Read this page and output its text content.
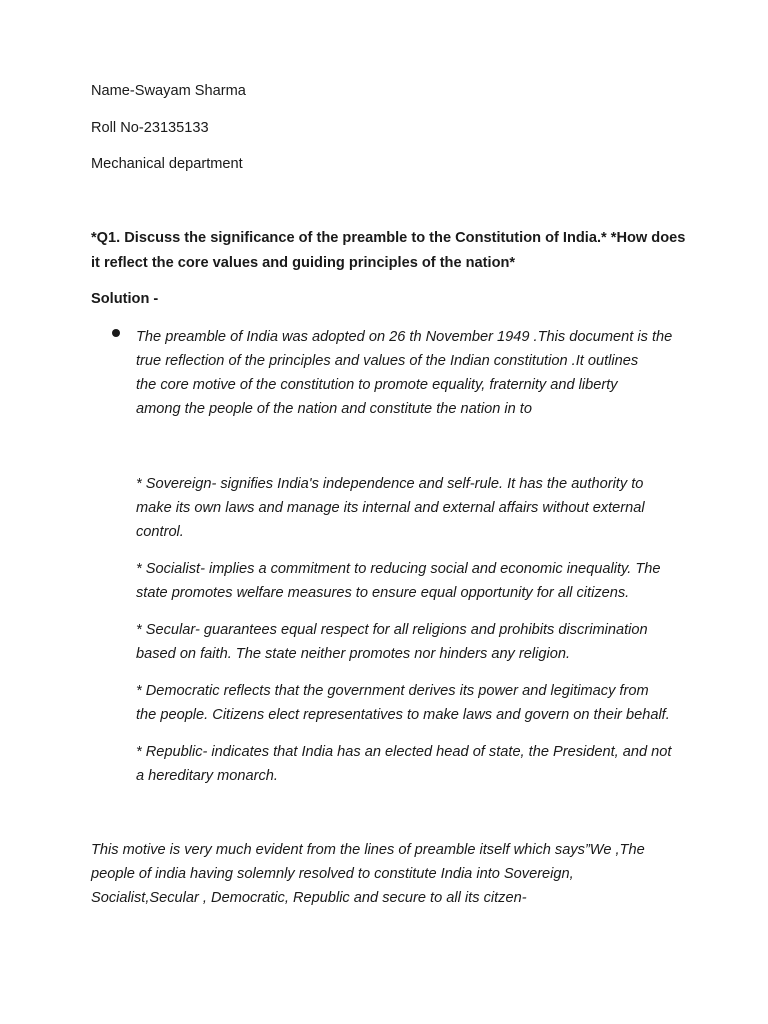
Name-Swayam Sharma

Roll No-23135133

Mechanical department

*Q1. Discuss the significance of the preamble to the Constitution of India.* *How does

it reflect the core values and guiding principles of the nation*

Solution -

The preamble of India was adopted on 26 th November 1949 .This document is the
true reflection of the principles and values of the Indian constitution .It outlines
the core motive of the constitution to promote equality, fraternity and liberty
among the people of the nation and constitute the nation in to

* Sovereign- signifies India's independence and self-rule. It has the authority to
make its own laws and manage its internal and external affairs without external
control.

* Socialist- implies a commitment to reducing social and economic inequality. The
state promotes welfare measures to ensure equal opportunity for all citizens.

* Secular- guarantees equal respect for all religions and prohibits discrimination
based on faith. The state neither promotes nor hinders any religion.

* Democratic reflects that the government derives its power and legitimacy from
the people. Citizens elect representatives to make laws and govern on their behalf.

* Republic- indicates that India has an elected head of state, the President, and not
a hereditary monarch.

This motive is very much evident from the lines of preamble itself which says”We ,The
people of india having solemnly resolved to constitute India into Sovereign,
Socialist,Secular , Democratic, Republic and secure to all its citzen-
